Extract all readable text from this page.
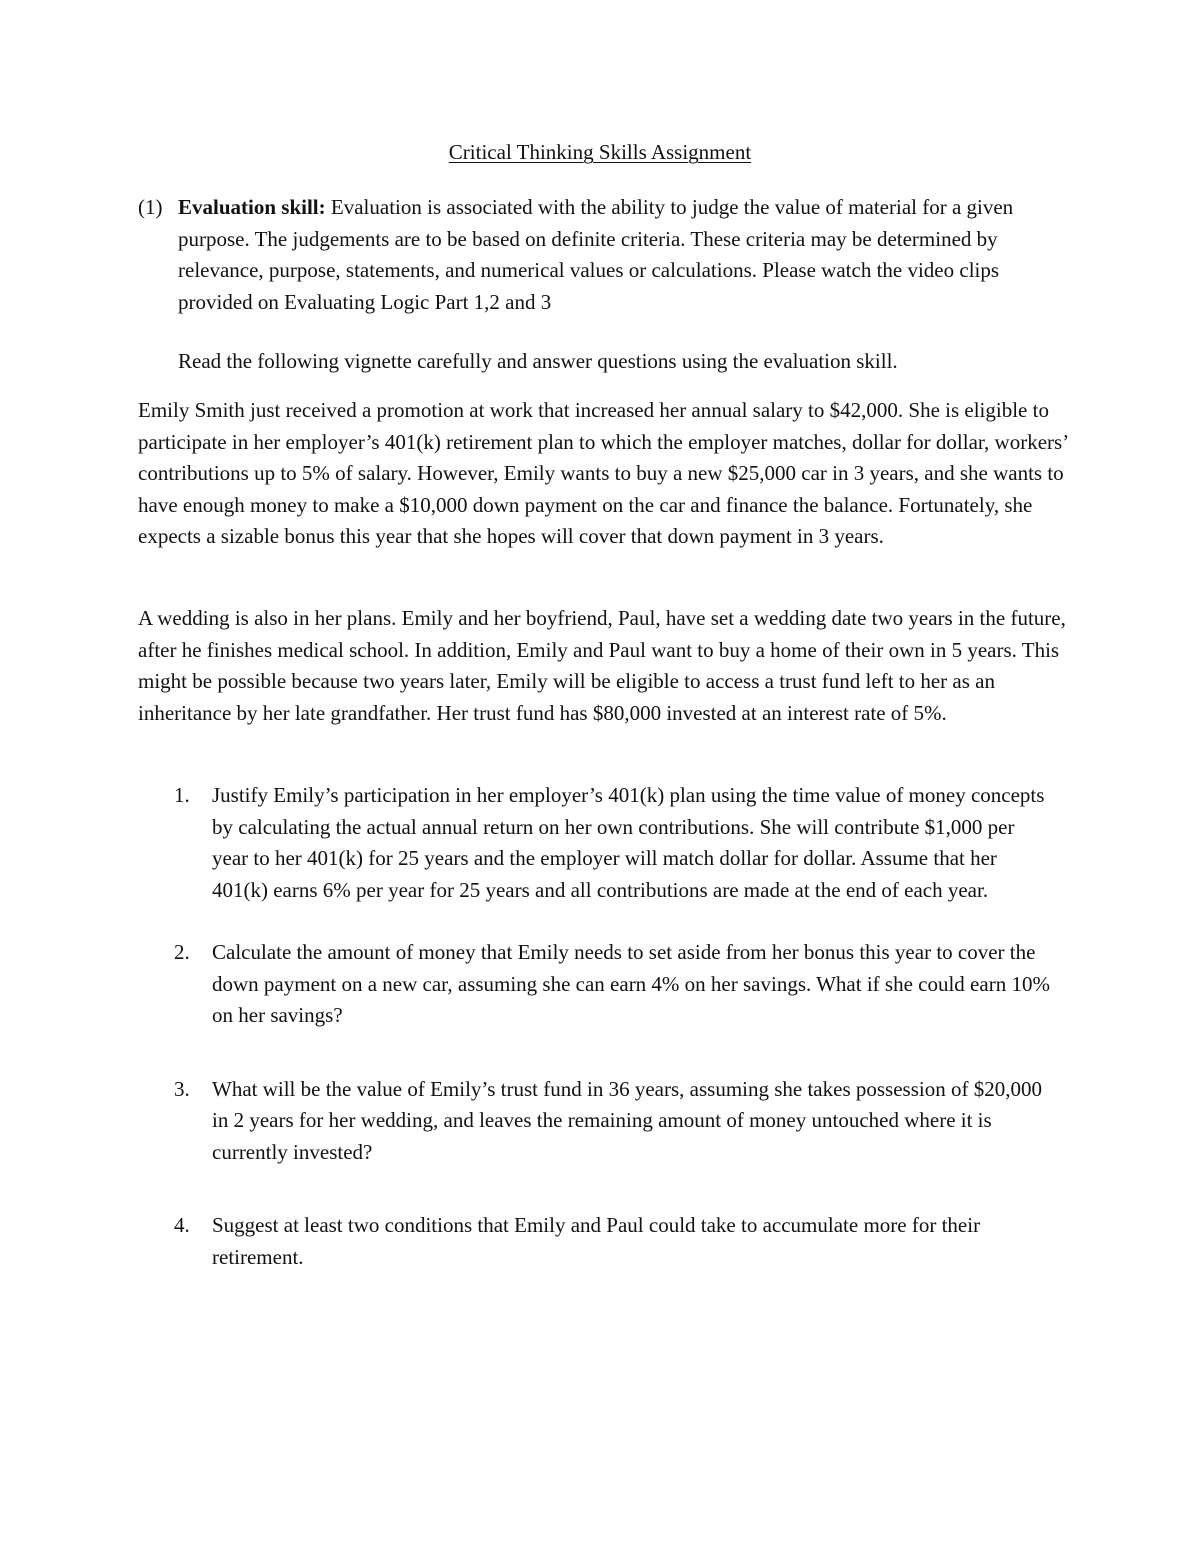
Critical Thinking Skills Assignment
(1) Evaluation skill: Evaluation is associated with the ability to judge the value of material for a given purpose. The judgements are to be based on definite criteria. These criteria may be determined by relevance, purpose, statements, and numerical values or calculations. Please watch the video clips provided on Evaluating Logic Part 1,2 and 3
Read the following vignette carefully and answer questions using the evaluation skill.
Emily Smith just received a promotion at work that increased her annual salary to $42,000. She is eligible to participate in her employer’s 401(k) retirement plan to which the employer matches, dollar for dollar, workers’ contributions up to 5% of salary. However, Emily wants to buy a new $25,000 car in 3 years, and she wants to have enough money to make a $10,000 down payment on the car and finance the balance. Fortunately, she expects a sizable bonus this year that she hopes will cover that down payment in 3 years.
A wedding is also in her plans. Emily and her boyfriend, Paul, have set a wedding date two years in the future, after he finishes medical school. In addition, Emily and Paul want to buy a home of their own in 5 years. This might be possible because two years later, Emily will be eligible to access a trust fund left to her as an inheritance by her late grandfather. Her trust fund has $80,000 invested at an interest rate of 5%.
1. Justify Emily’s participation in her employer’s 401(k) plan using the time value of money concepts by calculating the actual annual return on her own contributions. She will contribute $1,000 per year to her 401(k) for 25 years and the employer will match dollar for dollar. Assume that her 401(k) earns 6% per year for 25 years and all contributions are made at the end of each year.
2. Calculate the amount of money that Emily needs to set aside from her bonus this year to cover the down payment on a new car, assuming she can earn 4% on her savings. What if she could earn 10% on her savings?
3. What will be the value of Emily’s trust fund in 36 years, assuming she takes possession of $20,000 in 2 years for her wedding, and leaves the remaining amount of money untouched where it is currently invested?
4. Suggest at least two conditions that Emily and Paul could take to accumulate more for their retirement.
